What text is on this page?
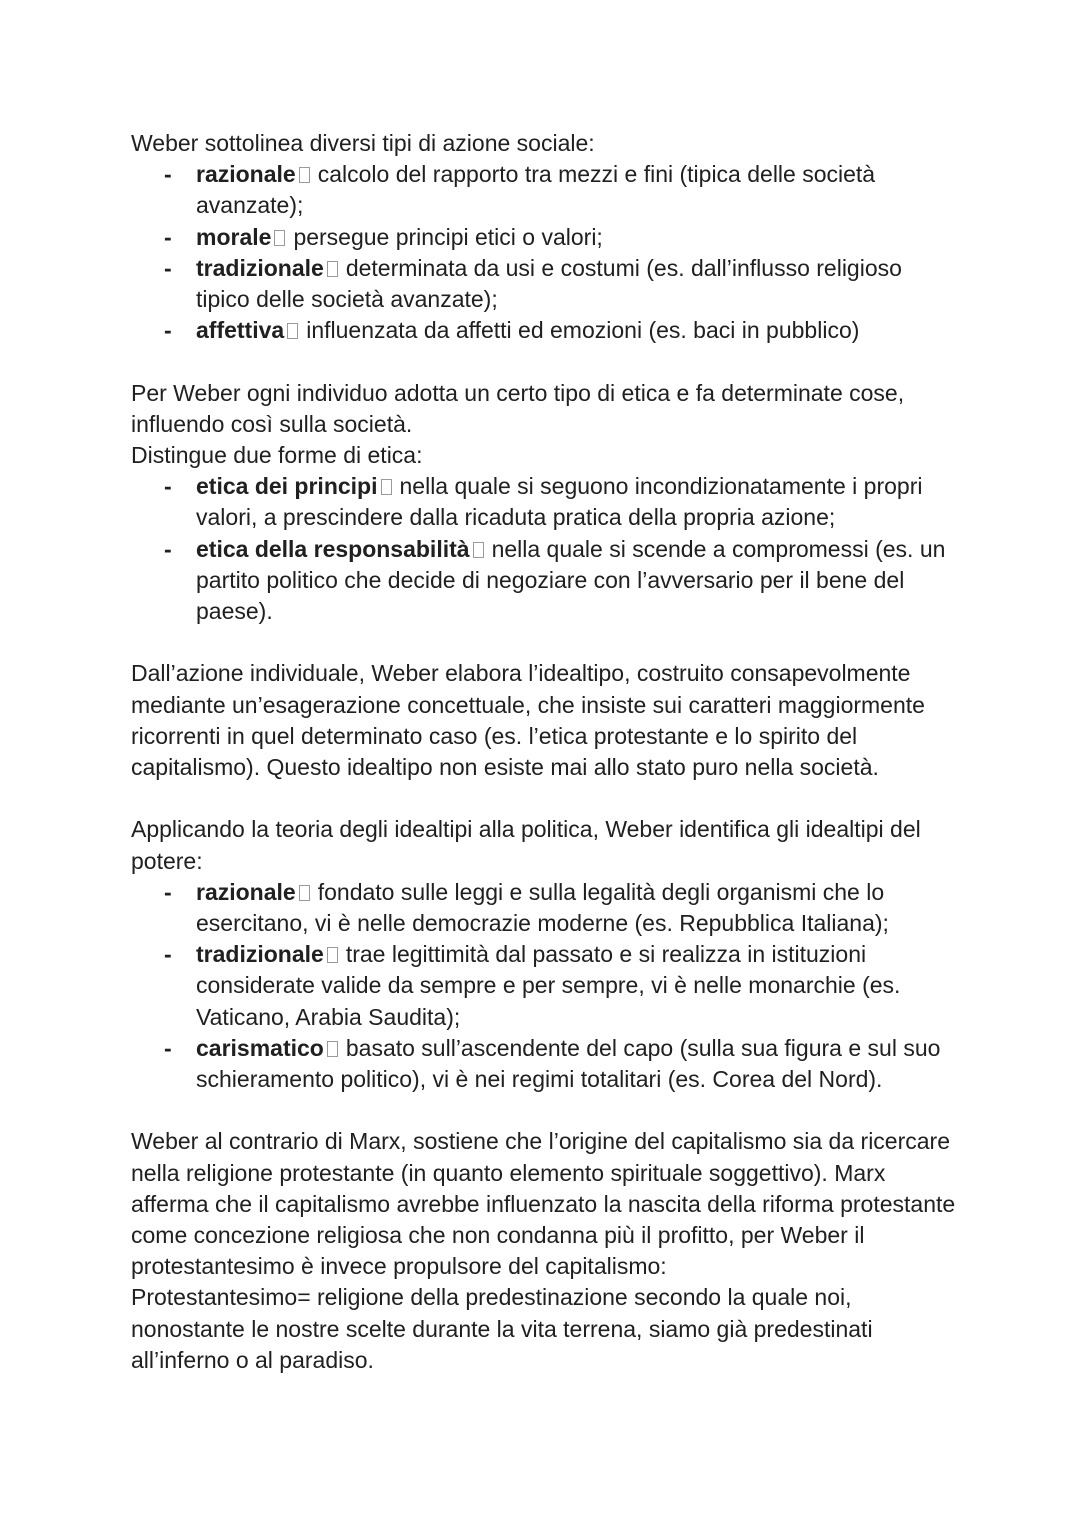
Weber sottolinea diversi tipi di azione sociale:

- razionale calcolo del rapporto tra mezzi e fini (tipica delle società avanzate);
- morale persegue principi etici o valori;
- tradizionale determinata da usi e costumi (es. dall’influsso religioso tipico delle società avanzate);
- affettiva influenzata da affetti ed emozioni (es. baci in pubblico)

Per Weber ogni individuo adotta un certo tipo di etica e fa determinate cose, influendo così sulla società.

Distingue due forme di etica:

- etica dei principi nella quale si seguono incondizionatamente i propri valori, a prescindere dalla ricaduta pratica della propria azione;
- etica della responsabilità nella quale si scende a compromessi (es. un partito politico che decide di negoziare con l’avversario per il bene del paese).

Dall’azione individuale, Weber elabora l’idealtipo, costruito consapevolmente mediante un’esagerazione concettuale, che insiste sui caratteri maggiormente ricorrenti in quel determinato caso (es. l’etica protestante e lo spirito del capitalismo). Questo idealtipo non esiste mai allo stato puro nella società.

Applicando la teoria degli idealtipi alla politica, Weber identifica gli idealtipi del potere:

- razionale fondato sulle leggi e sulla legalità degli organismi che lo esercitano, vi è nelle democrazie moderne (es. Repubblica Italiana);
- tradizionale trae legittimità dal passato e si realizza in istituzioni considerate valide da sempre e per sempre, vi è nelle monarchie (es. Vaticano, Arabia Saudita);
- carismatico basato sull’ascendente del capo (sulla sua figura e sul suo schieramento politico), vi è nei regimi totalitari (es. Corea del Nord).

Weber al contrario di Marx, sostiene che l’origine del capitalismo sia da ricercare nella religione protestante (in quanto elemento spirituale soggettivo). Marx afferma che il capitalismo avrebbe influenzato la nascita della riforma protestante come concezione religiosa che non condanna più il profitto, per Weber il protestantesimo è invece propulsore del capitalismo:

Protestantesimo= religione della predestinazione secondo la quale noi, nonostante le nostre scelte durante la vita terrena, siamo già predestinati all’inferno o al paradiso.
